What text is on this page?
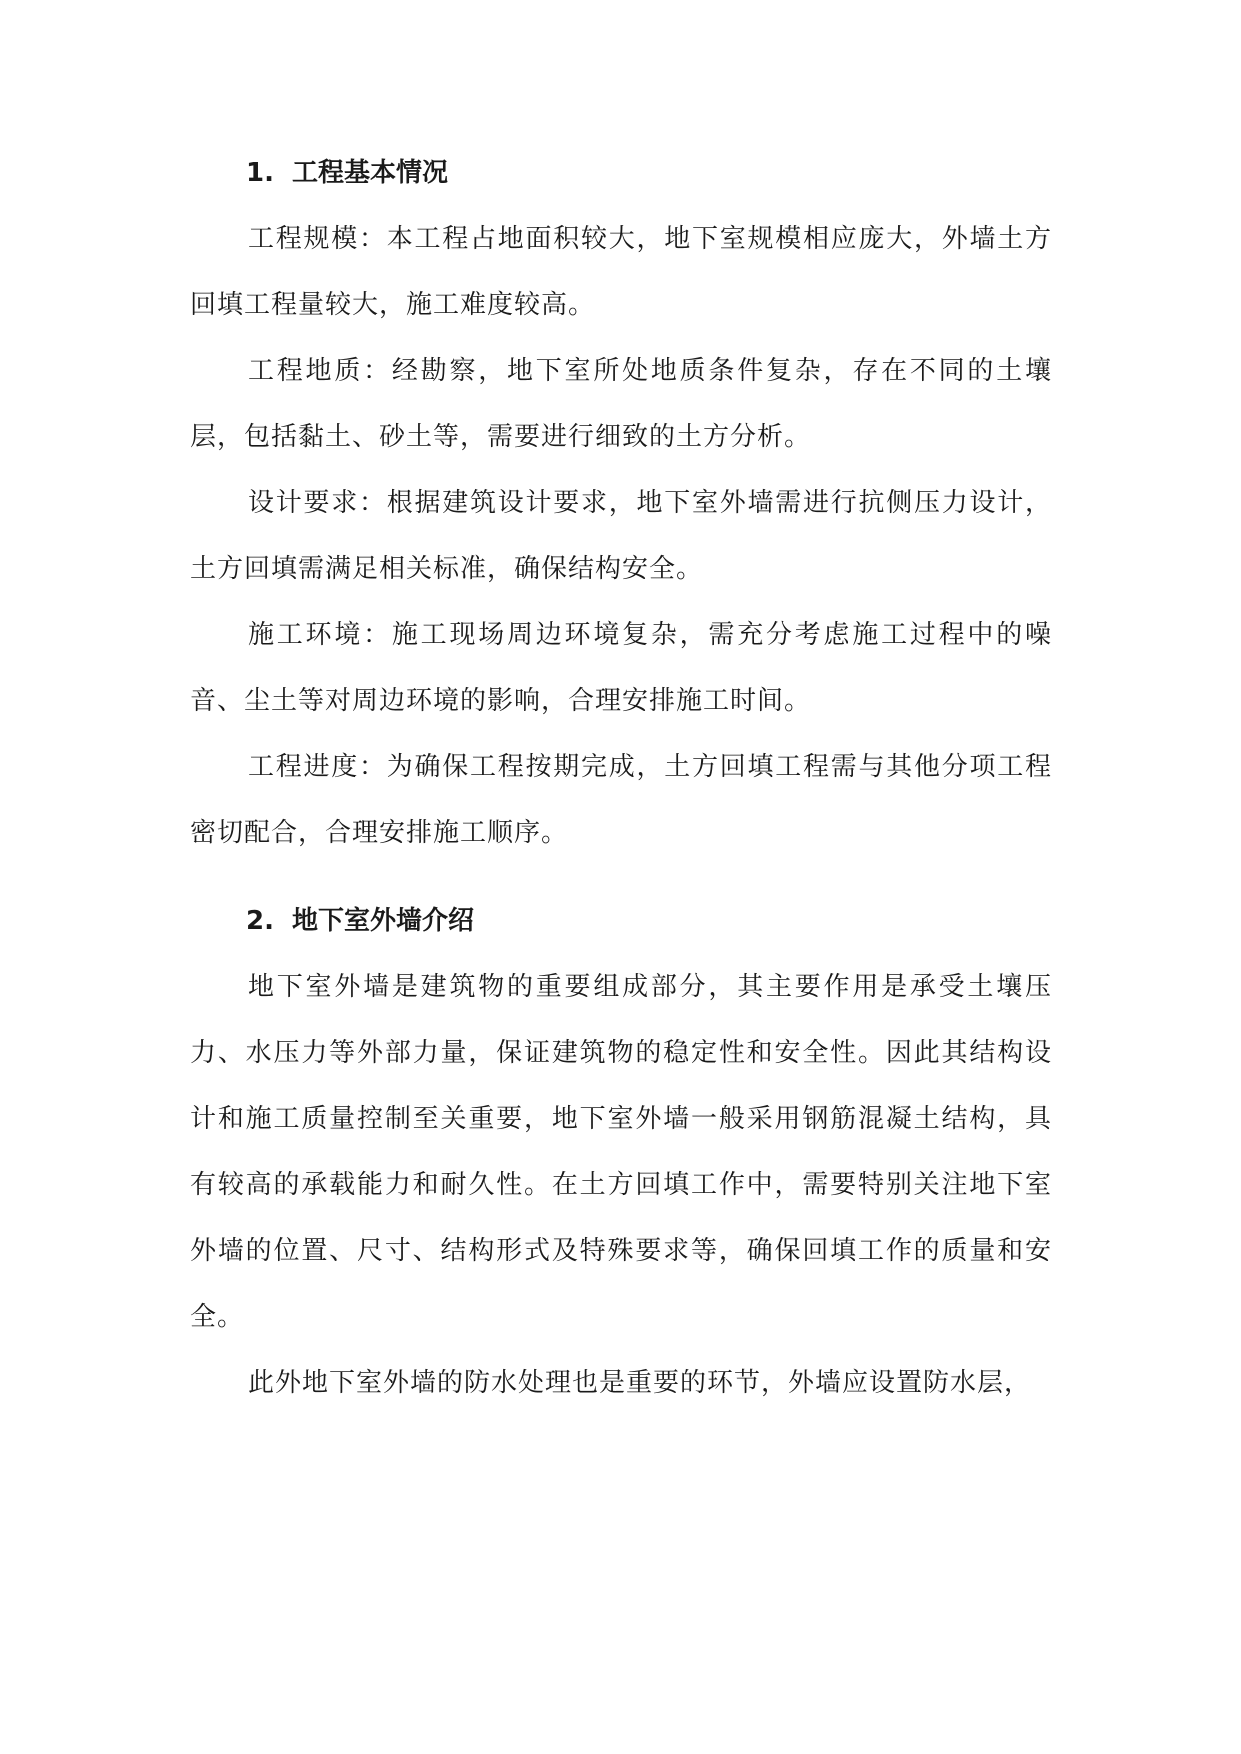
1. 工程基本情况

工程规模：本工程占地面积较大，地下室规模相应庞大，外墙土方回填工程量较大，施工难度较高。

工程地质：经勘察，地下室所处地质条件复杂，存在不同的土壤层，包括黏土、砂土等，需要进行细致的土方分析。

设计要求：根据建筑设计要求，地下室外墙需进行抗侧压力设计，土方回填需满足相关标准，确保结构安全。

施工环境：施工现场周边环境复杂，需充分考虑施工过程中的噪音、尘土等对周边环境的影响，合理安排施工时间。

工程进度：为确保工程按期完成，土方回填工程需与其他分项工程密切配合，合理安排施工顺序。

2. 地下室外墙介绍

地下室外墙是建筑物的重要组成部分，其主要作用是承受土壤压力、水压力等外部力量，保证建筑物的稳定性和安全性。因此其结构设计和施工质量控制至关重要，地下室外墙一般采用钢筋混凝土结构，具有较高的承载能力和耐久性。在土方回填工作中，需要特别关注地下室外墙的位置、尺寸、结构形式及特殊要求等，确保回填工作的质量和安全。

此外地下室外墙的防水处理也是重要的环节，外墙应设置防水层，
